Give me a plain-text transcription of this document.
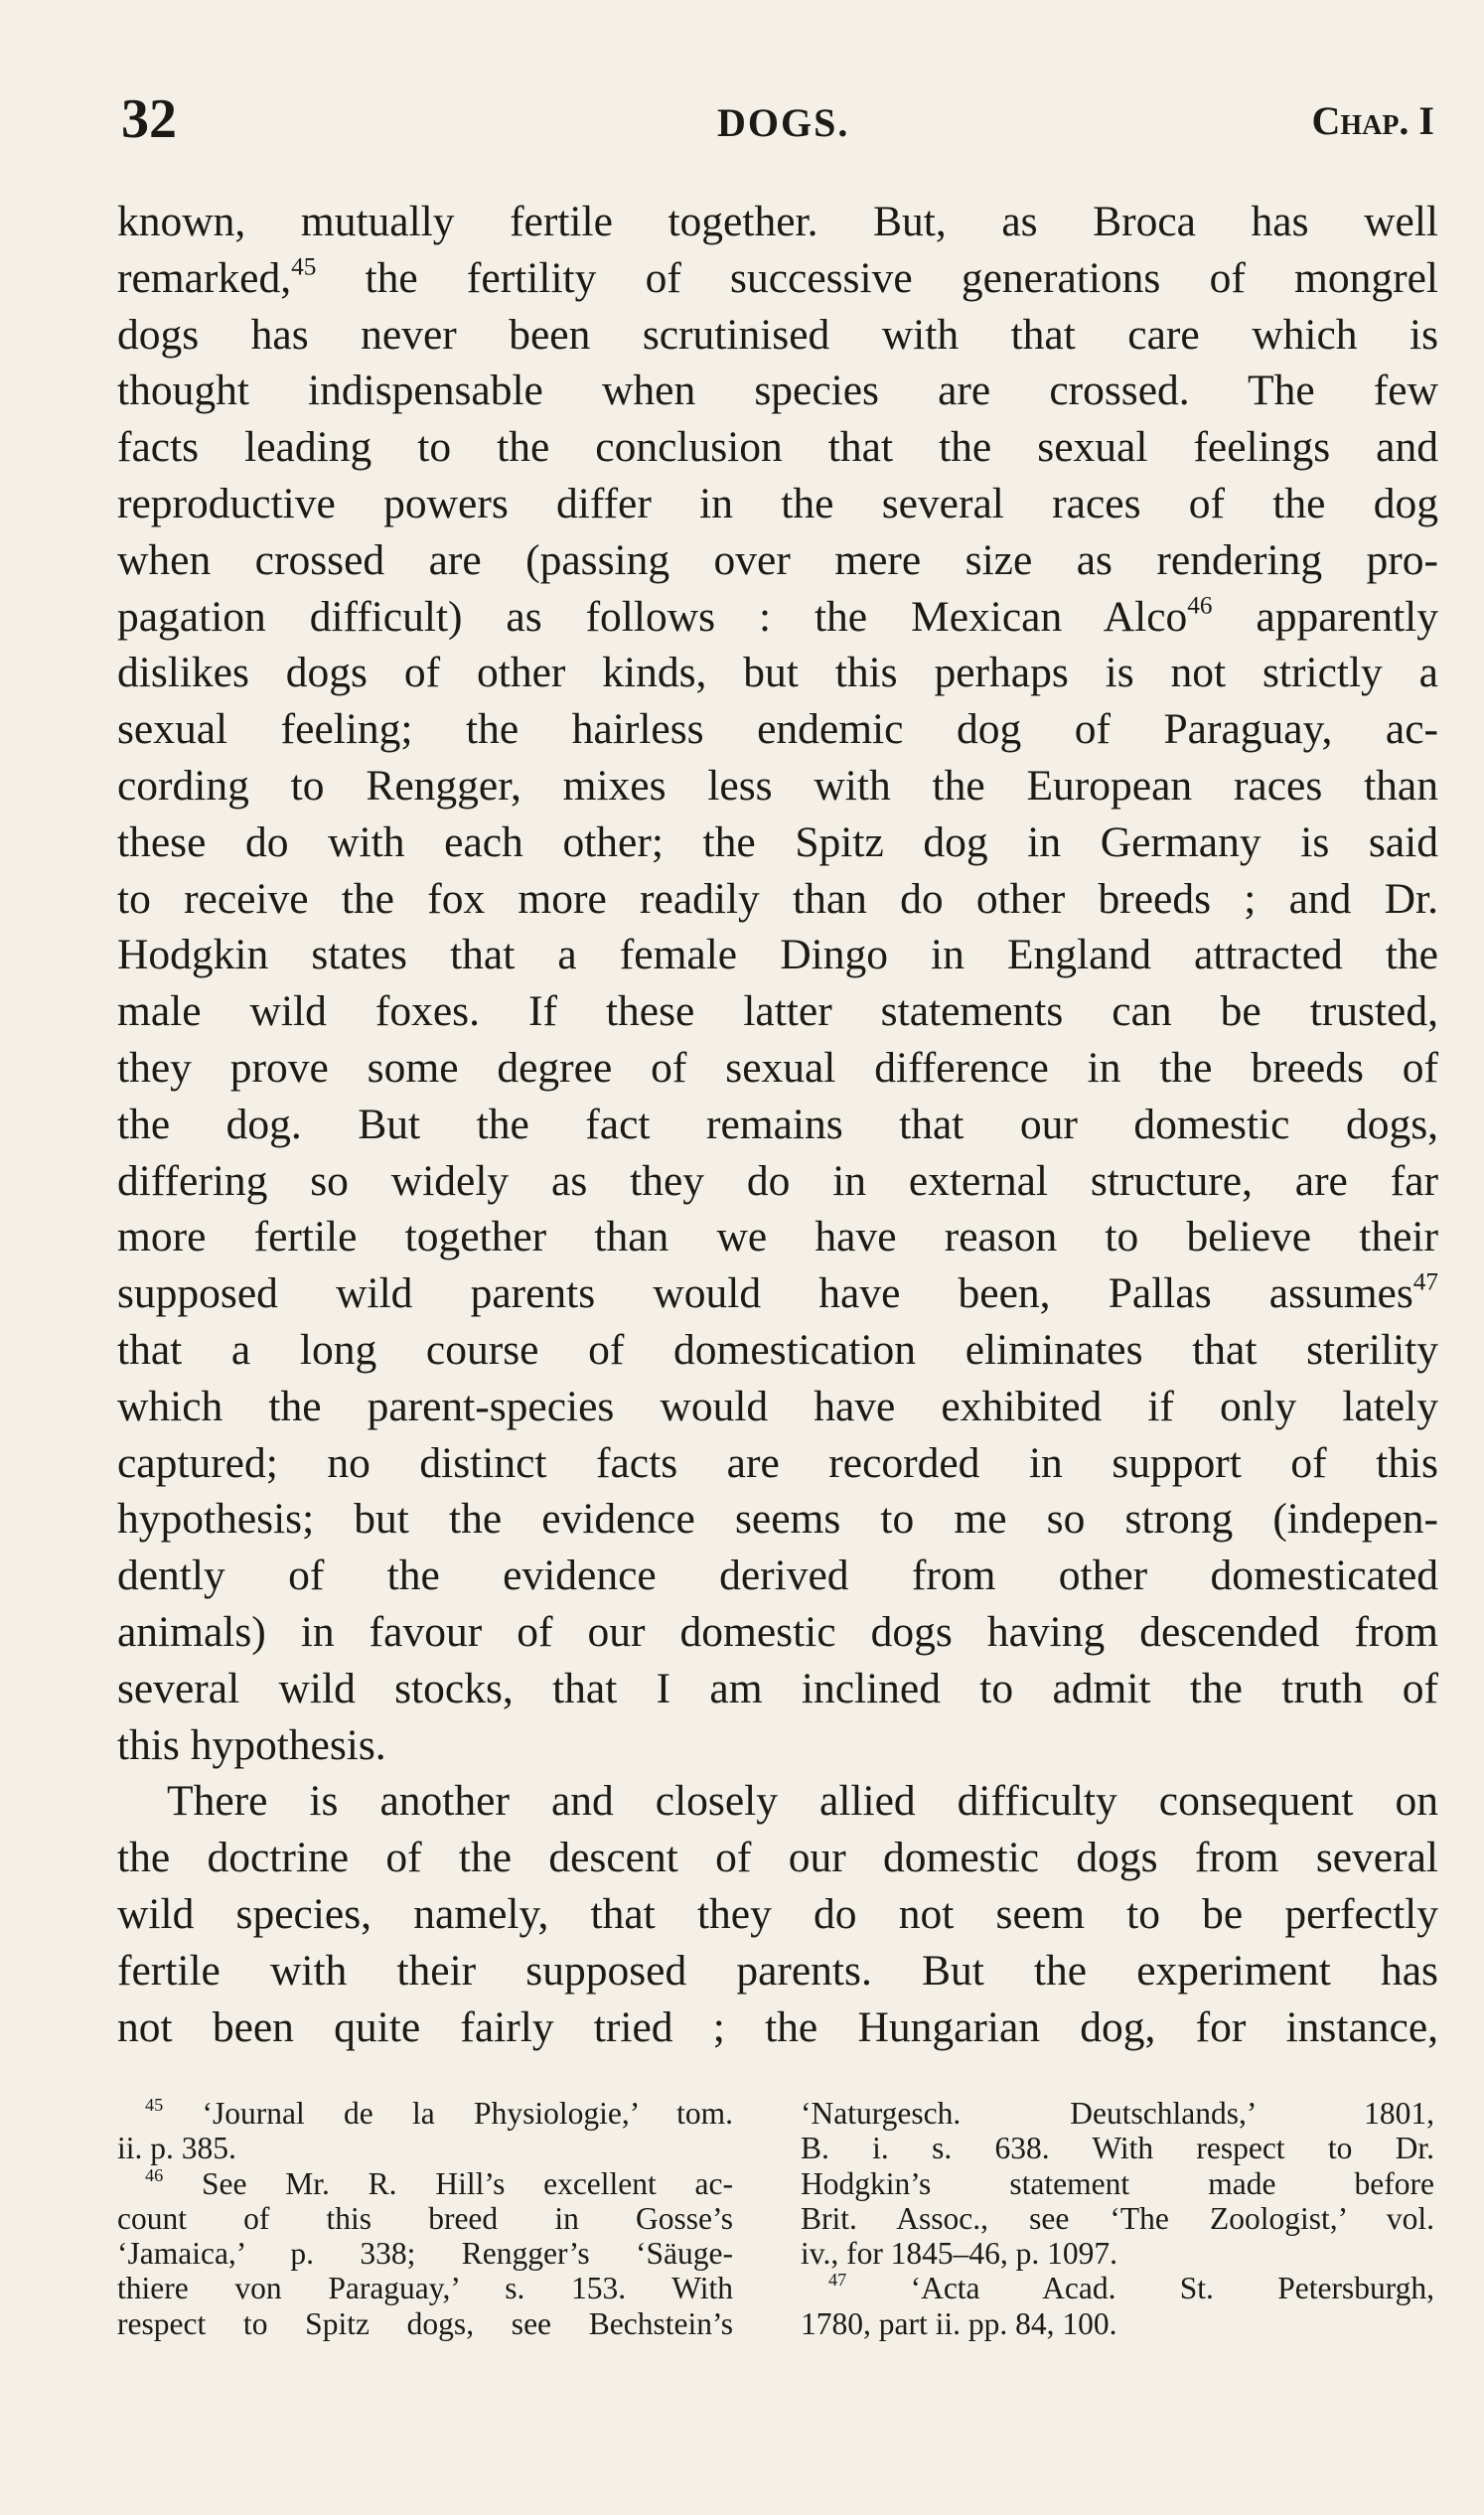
32	DOGS.	Chap. I
known, mutually fertile together. But, as Broca has well
remarked,$^{45}$ the fertility of successive generations of mongrel
dogs has never been scrutinised with that care which is
thought indispensable when species are crossed. The few
facts leading to the conclusion that the sexual feelings and
reproductive powers differ in the several races of the dog
when crossed are (passing over mere size as rendering pro-
pagation difficult) as follows : the Mexican Alco$^{46}$ apparently
dislikes dogs of other kinds, but this perhaps is not strictly a
sexual feeling; the hairless endemic dog of Paraguay, ac-
cording to Rengger, mixes less with the European races than
these do with each other; the Spitz dog in Germany is said
to receive the fox more readily than do other breeds ; and Dr.
Hodgkin states that a female Dingo in England attracted the
male wild foxes. If these latter statements can be trusted,
they prove some degree of sexual difference in the breeds of
the dog. But the fact remains that our domestic dogs,
differing so widely as they do in external structure, are far
more fertile together than we have reason to believe their
supposed wild parents would have been, Pallas assumes$^{47}$
that a long course of domestication eliminates that sterility
which the parent-species would have exhibited if only lately
captured; no distinct facts are recorded in support of this
hypothesis; but the evidence seems to me so strong (indepen-
dently of the evidence derived from other domesticated
animals) in favour of our domestic dogs having descended from
several wild stocks, that I am inclined to admit the truth of
this hypothesis.
There is another and closely allied difficulty consequent on
the doctrine of the descent of our domestic dogs from several
wild species, namely, that they do not seem to be perfectly
fertile with their supposed parents. But the experiment has
not been quite fairly tried ; the Hungarian dog, for instance,
$^{45}$ ‘Journal de la Physiologie,’ tom.
ii. p. 385.
$^{46}$ See Mr. R. Hill’s excellent ac-
count of this breed in Gosse’s
‘Jamaica,’ p. 338; Rengger’s ‘Säuge-
thiere von Paraguay,’ s. 153. With
respect to Spitz dogs, see Bechstein’s
‘Naturgesch. Deutschlands,’ 1801,
B. i. s. 638. With respect to Dr.
Hodgkin’s statement made before
Brit. Assoc., see ‘The Zoologist,’ vol.
iv., for 1845–46, p. 1097.
$^{47}$ ‘Acta Acad. St. Petersburgh,
1780, part ii. pp. 84, 100.
